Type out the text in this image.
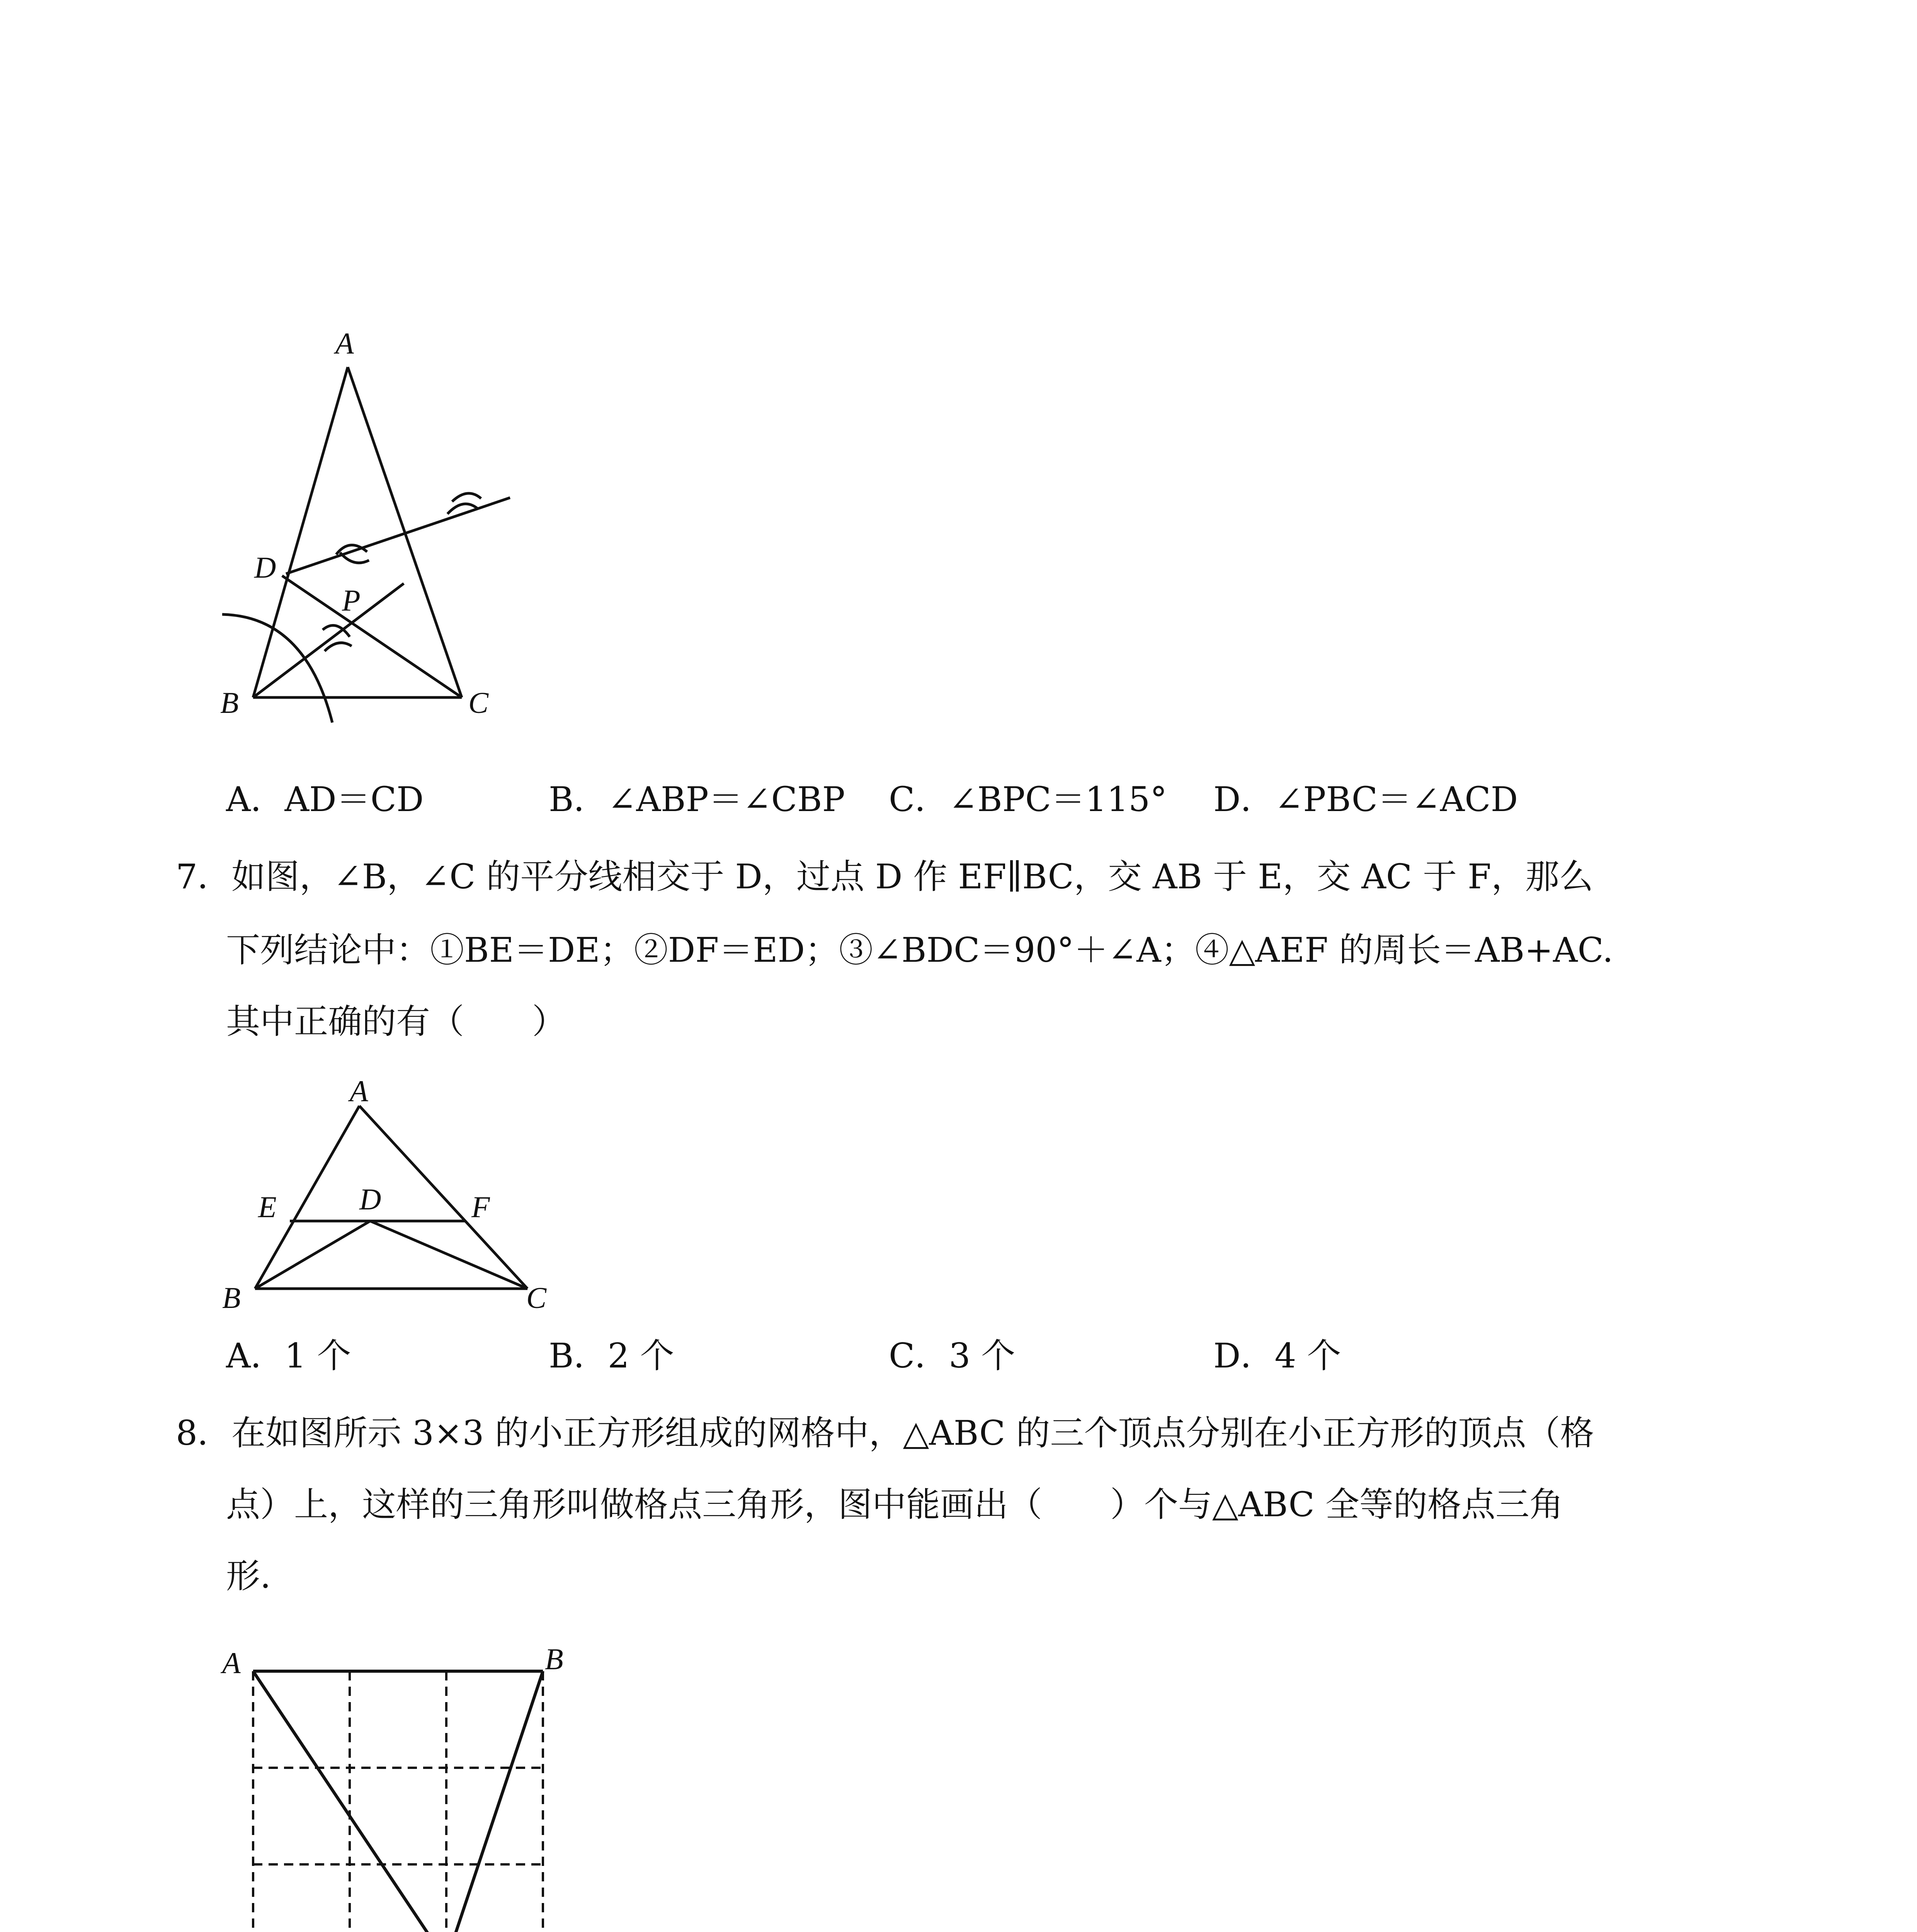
A
D
P
B	C
A．AD＝CD	B．∠ABP＝∠CBP C．∠BPC＝115° D．∠PBC＝∠ACD
7．如图，∠B，∠C 的平分线相交于 D，过点 D 作 EF∥BC，交 AB 于 E，交 AC 于 F，那么
下列结论中：①BE＝DE；②DF＝ED；③∠BDC＝90°＋∠A；④△AEF 的周长＝AB+AC.
其中正确的有（　　）
A
E	D	F
B	C
A．1 个	B．2 个	C．3 个	D．4 个
8．在如图所示 3×3 的小正方形组成的网格中，△ABC 的三个顶点分别在小正方形的顶点（格
点）上，这样的三角形叫做格点三角形，图中能画出（　　）个与△ABC 全等的格点三角
形.
A	B
